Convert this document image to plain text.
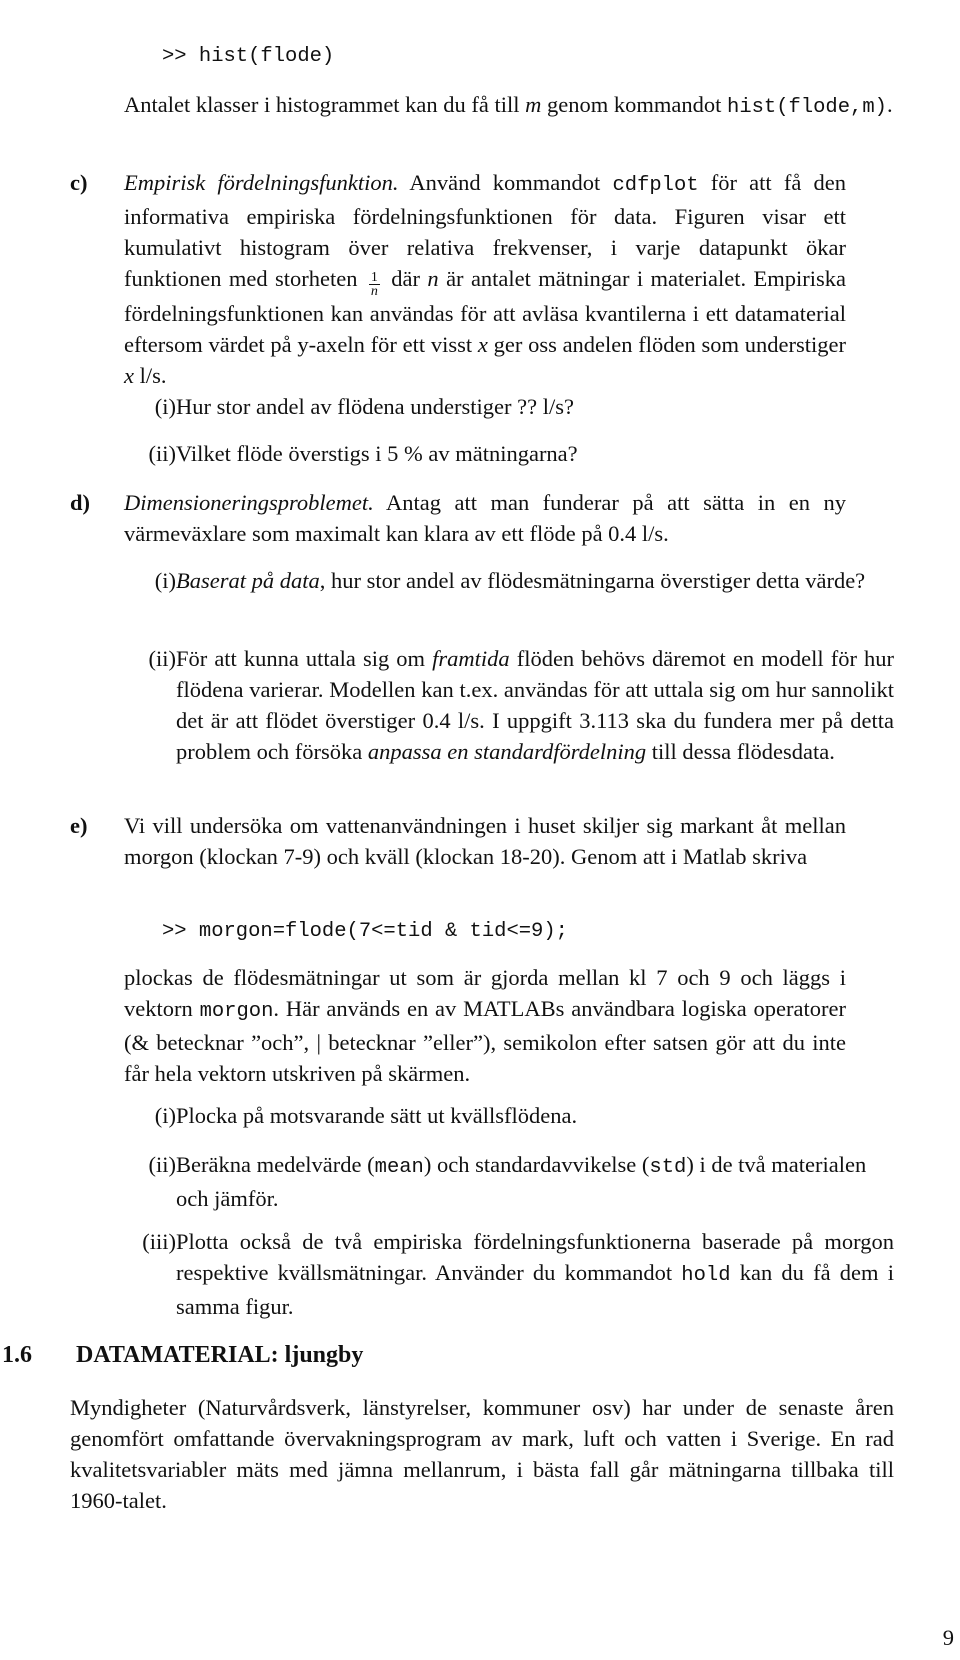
>> hist(flode)
Antalet klasser i histogrammet kan du få till m genom kommandot hist(flode,m).
c) Empirisk fördelningsfunktion. Använd kommandot cdfplot för att få den informativa empiriska fördelningsfunktionen för data. Figuren visar ett kumulativt histogram över relativa frekvenser, i varje datapunkt ökar funktionen med storheten $\frac{1}{n}$ där n är antalet mätningar i materialet. Empiriska fördelningsfunktionen kan användas för att avläsa kvantilerna i ett datamaterial eftersom värdet på y-axeln för ett visst x ger oss andelen flöden som understiger x l/s.
(i) Hur stor andel av flödena understiger ?? l/s?
(ii) Vilket flöde överstigs i 5 % av mätningarna?
d) Dimensioneringsproblemet. Antag att man funderar på att sätta in en ny värmeväxlare som maximalt kan klara av ett flöde på 0.4 l/s.
(i) Baserat på data, hur stor andel av flödesmätningarna överstiger detta värde?
(ii) För att kunna uttala sig om framtida flöden behövs däremot en modell för hur flödena varierar. Modellen kan t.ex. användas för att uttala sig om hur sannolikt det är att flödet överstiger 0.4 l/s. I uppgift 3.113 ska du fundera mer på detta problem och försöka anpassa en standardfördelning till dessa flödesdata.
e) Vi vill undersöka om vattenanvändningen i huset skiljer sig markant åt mellan morgon (klockan 7-9) och kväll (klockan 18-20). Genom att i Matlab skriva
>> morgon=flode(7<=tid & tid<=9);
plockas de flödesmätningar ut som är gjorda mellan kl 7 och 9 och läggs i vektorn morgon. Här används en av MATLABs användbara logiska operatorer (& betecknar ”och”, | betecknar ”eller”), semikolon efter satsen gör att du inte får hela vektorn utskriven på skärmen.
(i) Plocka på motsvarande sätt ut kvällsflödena.
(ii) Beräkna medelvärde (mean) och standardavvikelse (std) i de två materialen och jämför.
(iii) Plotta också de två empiriska fördelningsfunktionerna baserade på morgon respektive kvällsmätningar. Använder du kommandot hold kan du få dem i samma figur.
1.6 DATAMATERIAL: ljungby
Myndigheter (Naturvårdsverk, länstyrelser, kommuner osv) har under de senaste åren genomfört omfattande övervakningsprogram av mark, luft och vatten i Sverige. En rad kvalitetsvariabler mäts med jämna mellanrum, i bästa fall går mätningarna tillbaka till 1960-talet.
9
